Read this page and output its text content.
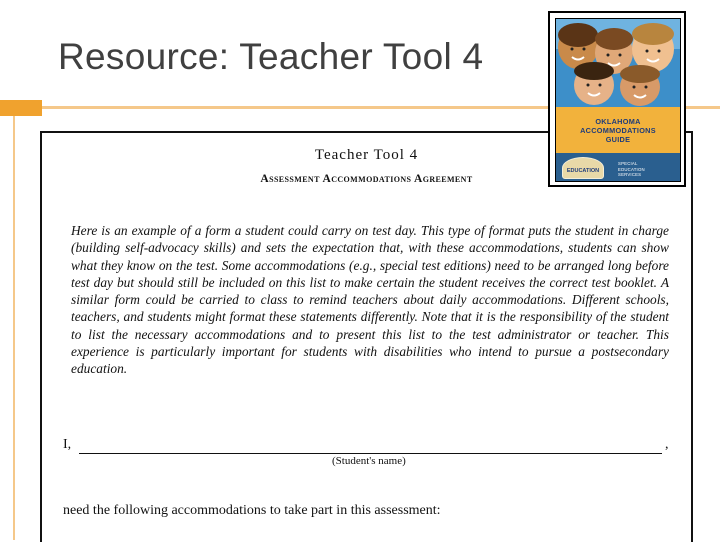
Resource: Teacher Tool 4
Teacher Tool 4
Assessment Accommodations Agreement
Here is an example of a form a student could carry on test day. This type of format puts the student in charge (building self-advocacy skills) and sets the expectation that, with these accommodations, students can show what they know on the test. Some accommodations (e.g., special test editions) need to be arranged long before test day but should still be included on this list to make certain the student receives the correct test booklet. A similar form could be carried to class to remind teachers about daily accommodations. Different schools, teachers, and students might format these statements differently. Note that it is the responsibility of the student to list the necessary accommodations and to present this list to the test administrator or teacher. This experience is particularly important for students with disabilities who intend to pursue a postsecondary education.
I,	,
(Student's name)
need the following accommodations to take part in this assessment:
OKLAHOMA
ACCOMMODATIONS
GUIDE
EDUCATION
SPECIAL
EDUCATION
SERVICES
